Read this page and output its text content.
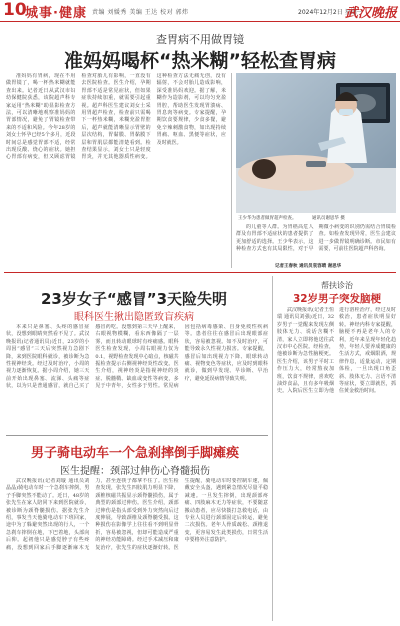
10
城事·健康 责编 刘媛秀 美编 王达 校对 郭炜	2024年12月2日 星期一
武汉晚报
查胃病不用做胃镜
准妈妈喝杯“热米糊”轻松查胃病

准妈妈有胃病，现在不用做胃镜了，喝一杯热米糊就能查出来。记者近日从武汉市妇幼保健院获悉，该院超声科专家运用“热米糊”助显影检查方法，可以清晰地观察准妈妈的胃部情况，避免了胃镜检查带来的不适和风险。今年28岁的刘女士怀孕已经5个多月，近段时间总是感觉胃部不适，经常出现反酸、烧心的症状。她担心胃部有病变，但又顾虑胃镜检查对胎儿有影响，一直没有去医院检查。医生介绍，孕期胃部不适是常见症状，但如果症状持续加重，就需要引起重视。超声科医生建议刘女士采用胃超声检查，检查前只需喝下一杯热米糊，米糊充盈胃腔后，超声就能清晰显示胃壁的层次结构，胃黏膜、胃黏膜下层和胃肌层都能清楚看到。检查结果显示，刘女士只是轻度胃炎，并无其他器质性病变。这种检查方法无痛无创，没有辐射，不会对胎儿造成影响，深受准妈妈欢迎。据了解，米糊作为造影剂，可以均匀充盈胃腔，帮助医生发现胃溃疡、胃息肉等病变。专家提醒，孕期饮食要规律，少食多餐，避免辛辣刺激食物，如出现持续胃痛、呕血、黑便等症状，应及时就医。

王少华为患者做胃超声检查。	通讯员谢思华 摄

的儿童等人群。为胃癌高危人群及有胃部不适症状的患者提供了更加舒适的选择。王少华表示，这种检查方式也有其局限性，对于早期微小病变的识别仍需结合胃镜检查。如检查发现异常，医生会建议进一步做胃镜明确诊断。市民如有需要，可前往医院超声科咨询。

记者王春秋 通讯员袁容晴 谢思华
23岁女子“感冒”3天险失明
眼科医生揪出隐匿致盲疾病

本来只是鼻塞、头疼的感冒症状，没想到眼睛突然看不见了。武汉晚报讯(记者通讯员)近日，23岁的小周因“感冒”三天后突然视力急剧下降，来到医院眼科就诊，被诊断为急性视神经炎。经过及时治疗，小周的视力逐渐恢复。据小周介绍，她三天前开始出现鼻塞、流涕、头痛等症状，以为只是普通感冒，就自己买了感冒药吃。没想到第三天早上醒来，右眼视物模糊，看东西像隔了一层雾，而且转动眼球时有疼痛感。眼科医生检查发现，小周右眼视力仅为0.1，视野检查发现中心暗点，核磁共振检查提示右侧视神经炎性改变。医生介绍，视神经炎是指视神经的炎症、脱髓鞘、缺血或变性等病变，多见于中青年，女性多于男性。常见病因包括病毒感染、自身免疫性疾病等。患者往往在感冒后出现眼部症状，容易被忽视。如不及时治疗，可能导致永久性视力损害。专家提醒，感冒后如出现视力下降、眼球转动痛、视物变色等症状，应及时到眼科就诊，做到早发现、早诊断、早治疗，避免延误病情导致失明。

帮扶诊治
32岁男子突发脑梗

武汉晚报讯(记者王恒瑞 通讯员刘强)近日，32岁男子一觉醒来发现左侧肢体无力、说话含糊不清，家人立即将他送往武汉市中心医院。经检查，他被诊断为急性脑梗死。医生介绍，该男子平时工作压力大，经常熬夜加班，饮食不规律，喜欢吃油炸食品，且有多年吸烟史。入院后医生立即为他进行溶栓治疗，经过及时救治，患者症状明显好转。神经内科专家提醒，脑梗不再是老年人的专利，近年来呈现年轻化趋势，年轻人要养成健康的生活方式，戒烟限酒，规律作息，适量运动，定期体检，一旦出现口角歪斜、肢体无力、言语不清等症状，要立即就医，抓住黄金救治时间。

男子骑电动车一个急刹摔倒手脚瘫痪
医生提醒：颈部过伸伤心脊髓损伤

武汉晚报讯(记者刘璇 通讯员刘晶晶)骑电动车时一个急刹车摔倒，男子手脚突然不能动了。近日，48岁的张先生在家人陪同下来到医院就诊，被诊断为颈脊髓损伤。据张先生介绍，事发当天他骑电动车下班回家，途中为了躲避突然出现的行人，一个急刹车摔倒在地，下巴着地，头部向后仰。起初他只是感觉脖子有些疼痛，没想到回家后手脚逐渐麻木无力，甚至连筷子都拿不住了。医生检查发现，张先生四肢肌力明显下降，颈椎核磁共振显示颈脊髓损伤，属于典型的颈部过伸伤。医生介绍，颈部过伸伤是指头部受到外力突然向后过度伸展，导致颈椎及颈脊髓受损。这种损伤在影像学上往往看不到明显骨折，容易被忽视，但却可能造成严重的神经功能障碍。经过手术减压和康复治疗，张先生的症状逐渐好转。医生提醒，骑电动车时要控制车速，佩戴安全头盔，遇到紧急情况尽量平稳减速。一旦发生摔倒，出现颈部疼痛、四肢麻木无力等症状，不要随意搬动患者，应尽快拨打急救电话，由专业人员进行颈部固定后转运，避免二次损伤。老年人骨质疏松、颈椎退变，更容易发生此类损伤，日常生活中要格外注意防护。
